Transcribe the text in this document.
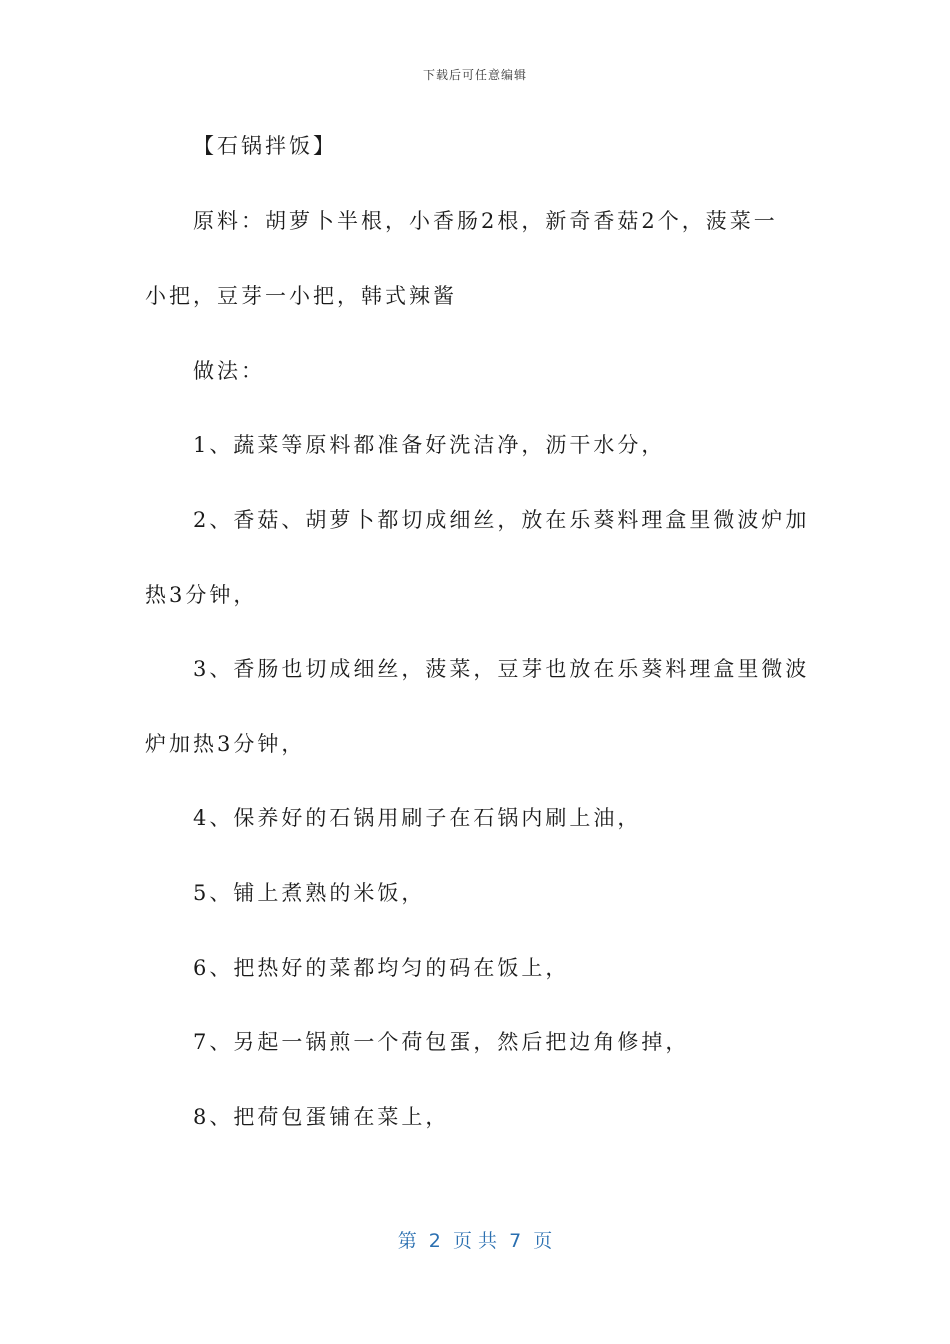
下载后可任意编辑
【石锅拌饭】
原料：胡萝卜半根，小香肠2根，新奇香菇2个，菠菜一
小把，豆芽一小把，韩式辣酱
做法：
1、蔬菜等原料都准备好洗洁净，沥干水分，
2、香菇、胡萝卜都切成细丝，放在乐葵料理盒里微波炉加
热3分钟，
3、香肠也切成细丝，菠菜，豆芽也放在乐葵料理盒里微波
炉加热3分钟，
4、保养好的石锅用刷子在石锅内刷上油，
5、铺上煮熟的米饭，
6、把热好的菜都均匀的码在饭上，
7、另起一锅煎一个荷包蛋，然后把边角修掉，
8、把荷包蛋铺在菜上，
第  2  页 共  7  页
